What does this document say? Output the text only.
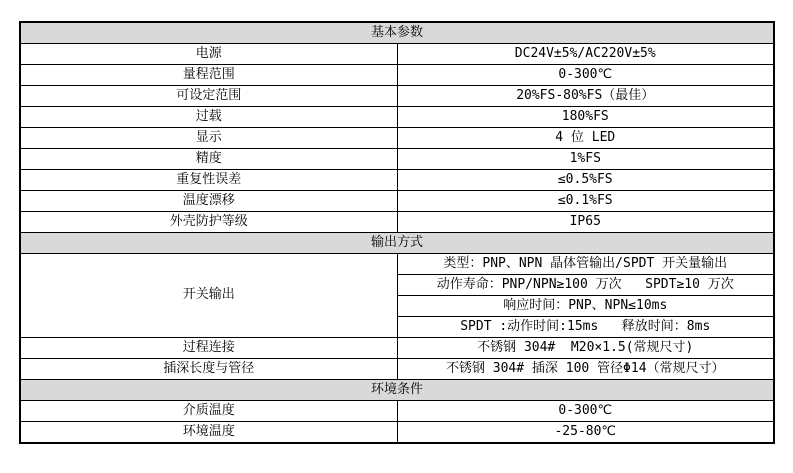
基本参数	
电源	DC24V±5%/AC220V±5%
量程范围	0-300℃
可设定范围	20%FS-80%FS（最佳）
过载	180%FS
显示	4 位 LED
精度	1%FS
重复性误差	≤0.5%FS
温度漂移	≤0.1%FS
外壳防护等级	IP65
输出方式	
开关输出	类型：PNP、NPN 晶体管输出/SPDT 开关量输出
	动作寿命：PNP/NPN≥100 万次   SPDT≥10 万次
	响应时间：PNP、NPN≤10ms
	SPDT :动作时间:15ms   释放时间：8ms
过程连接	不锈钢 304#  M20×1.5(常规尺寸)
插深长度与管径	不锈钢 304# 插深 100 管径Φ14（常规尺寸）
环境条件	
介质温度	0-300℃
环境温度	-25-80℃
